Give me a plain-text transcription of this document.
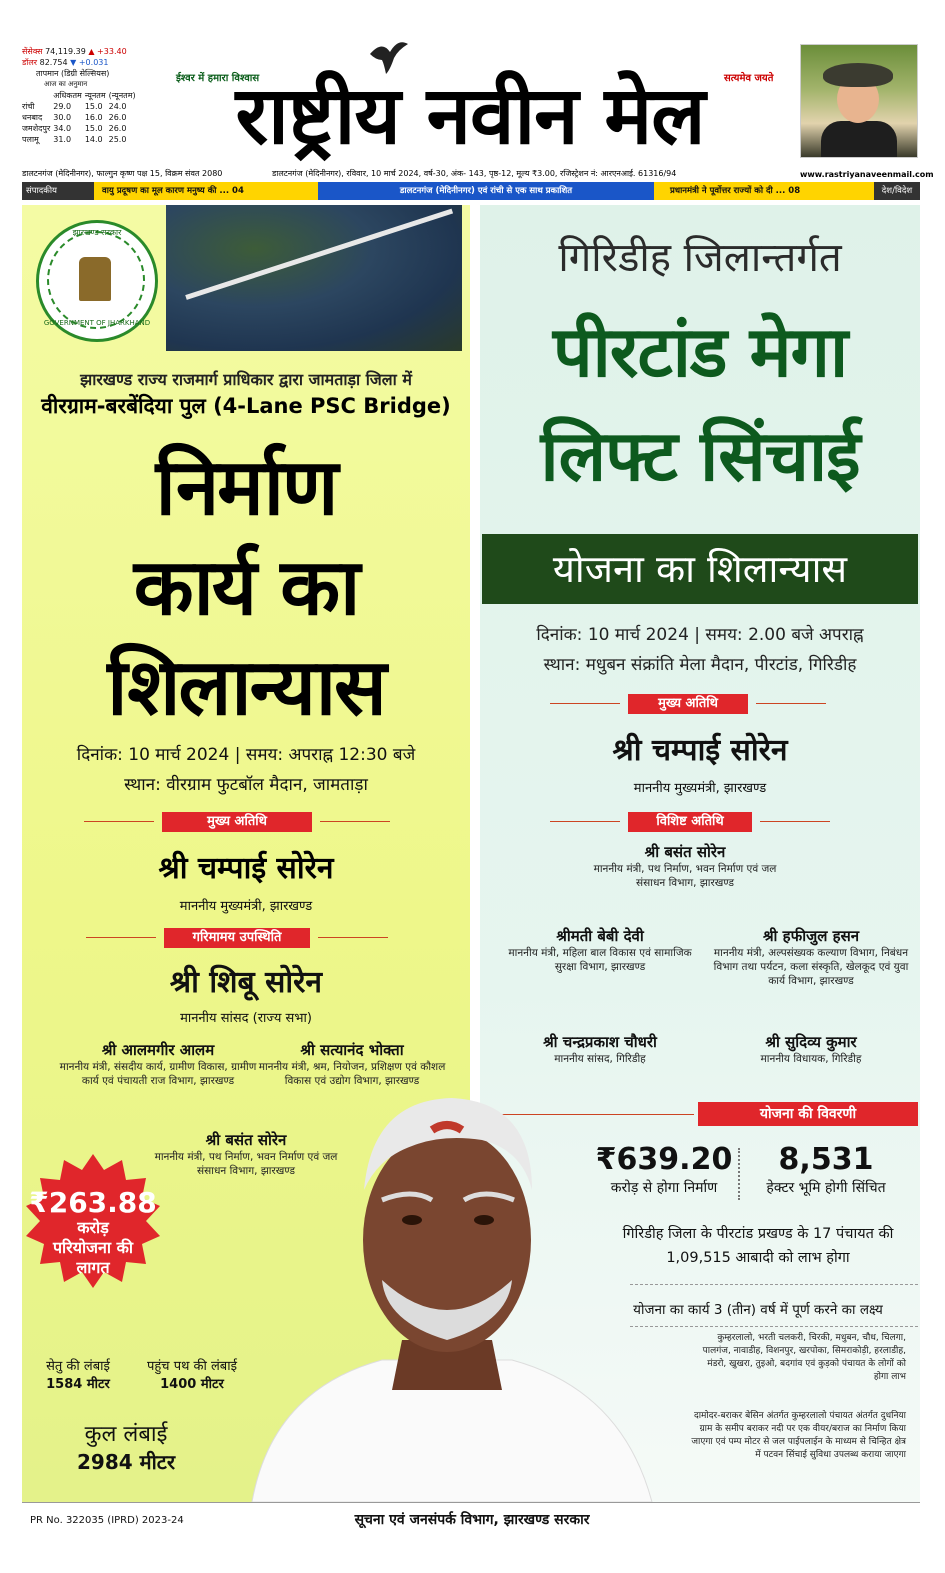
सेंसेक्स 74,119.39 ▲ +33.40
डॉलर 82.754 ▼ +0.031
तापमान (डिग्री सेल्सियस)
आज का अनुमान
	अधिकतम	न्यूनतम	(न्यूनतम)
रांची	29.0	15.0	24.0
धनबाद	30.0	16.0	26.0
जमशेदपुर	34.0	15.0	26.0
पलामू	31.0	14.0	25.0
ईश्वर में हमारा विश्वास
राष्ट्रीय नवीन मेल	सत्यमेव जयते
www.rastriyanaveenmail.com
डालटनगंज (मेदिनीनगर), फाल्गुन कृष्ण पक्ष 15, विक्रम संवत 2080	डालटनगंज (मेदिनीनगर), रविवार, 10 मार्च 2024, वर्ष-30, अंक- 143, पृष्ठ-12, मूल्य ₹3.00, रजिस्ट्रेशन नं: आरएनआई. 61316/94
संपादकीय	वायु प्रदूषण का मूल कारण मनुष्य की ... 04	डालटनगंज (मेदिनीनगर) एवं रांची से एक साथ प्रकाशित	प्रधानमंत्री ने पूर्वोत्तर राज्यों को दी ... 08	देश/विदेश
झारखण्ड सरकार
GOVERNMENT OF JHARKHAND
झारखण्ड राज्य राजमार्ग प्राधिकार द्वारा जामताड़ा जिला में
वीरग्राम-बरबेंदिया पुल (4-Lane PSC Bridge)
निर्माण
कार्य का
शिलान्यास
दिनांक: 10 मार्च 2024 | समय: अपराह्न 12:30 बजे
स्थान: वीरग्राम फुटबॉल मैदान, जामताड़ा
मुख्य अतिथि
श्री चम्पाई सोरेन
माननीय मुख्यमंत्री, झारखण्ड
गरिमामय उपस्थिति
श्री शिबू सोरेन
माननीय सांसद (राज्य सभा)
श्री आलमगीर आलम
माननीय मंत्री, संसदीय कार्य, ग्रामीण विकास, ग्रामीण कार्य एवं पंचायती राज विभाग, झारखण्ड
श्री सत्यानंद भोक्ता
माननीय मंत्री, श्रम, नियोजन, प्रशिक्षण एवं कौशल विकास एवं उद्योग विभाग, झारखण्ड
श्री बसंत सोरेन
माननीय मंत्री, पथ निर्माण, भवन निर्माण एवं जल संसाधन विभाग, झारखण्ड
₹263.88
करोड़
परियोजना की
लागत
सेतु की लंबाई
1584 मीटर
पहुंच पथ की लंबाई
1400 मीटर
कुल लंबाई
2984 मीटर
गिरिडीह जिलान्तर्गत
पीरटांड मेगा
लिफ्ट सिंचाई
योजना का शिलान्यास
दिनांक: 10 मार्च 2024 | समय: 2.00 बजे अपराह्न
स्थान: मधुबन संक्रांति मेला मैदान, पीरटांड, गिरिडीह
मुख्य अतिथि
श्री चम्पाई सोरेन
माननीय मुख्यमंत्री, झारखण्ड
विशिष्ट अतिथि
श्री बसंत सोरेन
माननीय मंत्री, पथ निर्माण, भवन निर्माण एवं जल संसाधन विभाग, झारखण्ड
श्रीमती बेबी देवी
माननीय मंत्री, महिला बाल विकास एवं सामाजिक सुरक्षा विभाग, झारखण्ड
श्री हफीजुल हसन
माननीय मंत्री, अल्पसंख्यक कल्याण विभाग, निबंधन विभाग तथा पर्यटन, कला संस्कृति, खेलकूद एवं युवा कार्य विभाग, झारखण्ड
श्री चन्द्रप्रकाश चौधरी
माननीय सांसद, गिरिडीह
श्री सुदिव्य कुमार
माननीय विधायक, गिरिडीह
योजना की विवरणी
₹639.20
करोड़ से होगा निर्माण
8,531
हेक्टर भूमि होगी सिंचित
गिरिडीह जिला के पीरटांड प्रखण्ड के 17 पंचायत की 1,09,515 आबादी को लाभ होगा
योजना का कार्य 3 (तीन) वर्ष में पूर्ण करने का लक्ष्य
कुम्हरलालो, भरती चलकरी, चिरकी, मधुबन, चौध, चिलगा, पालगंज, नावाडीह, विशनपुर, खरपोका, सिमराकोड़ी, हरलाडीह, मंडरो, खुखरा, तुइओ, बदगांव एवं कुड़को पंचायत के लोगों को होगा लाभ
दामोदर-बराकर बेसिन अंतर्गत कुम्हरलालो पंचायत अंतर्गत दुधनिया ग्राम के समीप बराकर नदी पर एक वीयर/बराज का निर्माण किया जाएगा एवं पम्प मोटर से जल पाईपलाईन के माध्यम से चिन्हित क्षेत्र में पटवन सिंचाई सुविधा उपलब्ध कराया जाएगा
PR No. 322035 (IPRD) 2023-24	सूचना एवं जनसंपर्क विभाग, झारखण्ड सरकार
